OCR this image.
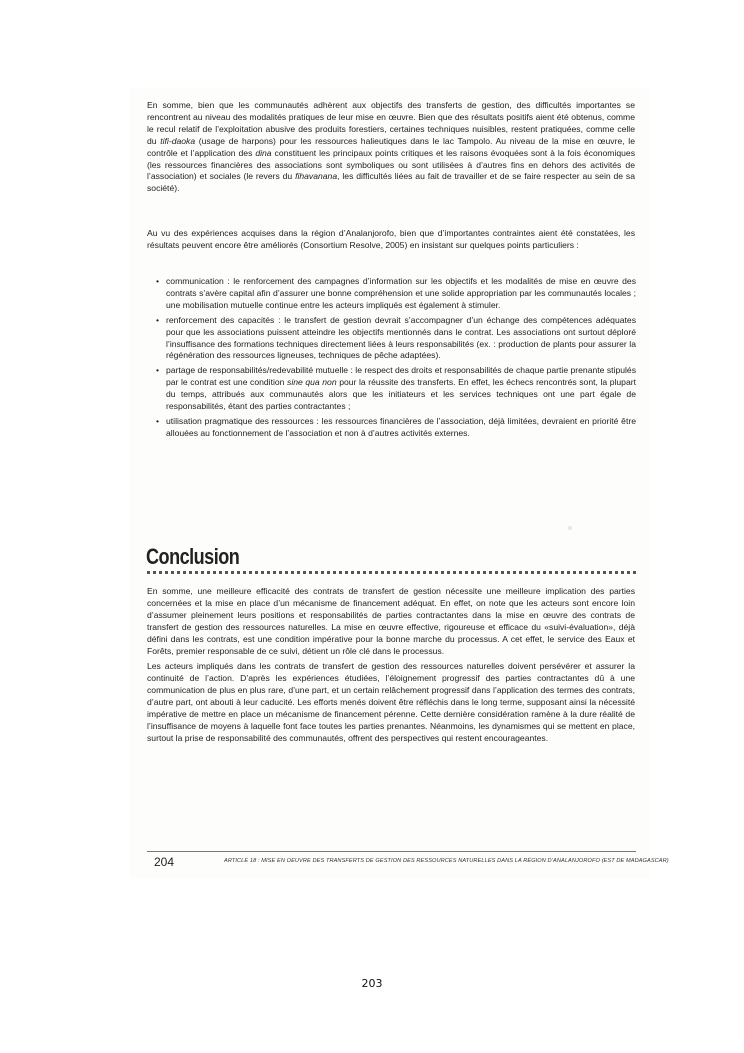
En somme, bien que les communautés adhèrent aux objectifs des transferts de gestion, des difficultés importantes se rencontrent au niveau des modalités pratiques de leur mise en œuvre. Bien que des résultats positifs aient été obtenus, comme le recul relatif de l’exploitation abusive des produits forestiers, certaines techniques nuisibles, restent pratiquées, comme celle du tifi-daoka (usage de harpons) pour les ressources halieutiques dans le lac Tampolo. Au niveau de la mise en œuvre, le contrôle et l’application des dina constituent les principaux points critiques et les raisons évoquées sont à la fois économiques (les ressources financières des associations sont symboliques ou sont utilisées à d’autres fins en dehors des activités de l’association) et sociales (le revers du fihavanana, les difficultés liées au fait de travailler et de se faire respecter au sein de sa société).

Au vu des expériences acquises dans la région d’Analanjorofo, bien que d’importantes contraintes aient été constatées, les résultats peuvent encore être améliorés (Consortium Resolve, 2005) en insistant sur quelques points particuliers :

• communication : le renforcement des campagnes d’information sur les objectifs et les modalités de mise en œuvre des contrats s’avère capital afin d’assurer une bonne compréhension et une solide appropriation par les communautés locales ; une mobilisation mutuelle continue entre les acteurs impliqués est également à stimuler.
• renforcement des capacités : le transfert de gestion devrait s’accompagner d’un échange des compétences adéquates pour que les associations puissent atteindre les objectifs mentionnés dans le contrat. Les associations ont surtout déploré l’insuffisance des formations techniques directement liées à leurs responsabilités (ex. : production de plants pour assurer la régénération des ressources ligneuses, techniques de pêche adaptées).
• partage de responsabilités/redevabilité mutuelle : le respect des droits et responsabilités de chaque partie prenante stipulés par le contrat est une condition sine qua non pour la réussite des transferts. En effet, les échecs rencontrés sont, la plupart du temps, attribués aux communautés alors que les initiateurs et les services techniques ont une part égale de responsabilités, étant des parties contractantes ;
• utilisation pragmatique des ressources : les ressources financières de l’association, déjà limitées, devraient en priorité être allouées au fonctionnement de l’association et non à d’autres activités externes.
Conclusion

En somme, une meilleure efficacité des contrats de transfert de gestion nécessite une meilleure implication des parties concernées et la mise en place d’un mécanisme de financement adéquat. En effet, on note que les acteurs sont encore loin d’assumer pleinement leurs positions et responsabilités de parties contractantes dans la mise en œuvre des contrats de transfert de gestion des ressources naturelles. La mise en œuvre effective, rigoureuse et efficace du «suivi-évaluation», déjà défini dans les contrats, est une condition impérative pour la bonne marche du processus. A cet effet, le service des Eaux et Forêts, premier responsable de ce suivi, détient un rôle clé dans le processus.

Les acteurs impliqués dans les contrats de transfert de gestion des ressources naturelles doivent persévérer et assurer la continuité de l’action. D’après les expériences étudiées, l’éloignement progressif des parties contractantes dû à une communication de plus en plus rare, d’une part, et un certain relâchement progressif dans l’application des termes des contrats, d’autre part, ont abouti à leur caducité. Les efforts menés doivent être réfléchis dans le long terme, supposant ainsi la nécessité impérative de mettre en place un mécanisme de financement pérenne. Cette dernière considération ramène à la dure réalité de l’insuffisance de moyens à laquelle font face toutes les parties prenantes. Néanmoins, les dynamismes qui se mettent en place, surtout la prise de responsabilité des communautés, offrent des perspectives qui restent encourageantes.

204	ARTICLE 18 : MISE EN OEUVRE DES TRANSFERTS DE GESTION DES RESSOURCES NATURELLES DANS LA RÉGION D’ANALANJOROFO (EST DE MADAGASCAR)
203
